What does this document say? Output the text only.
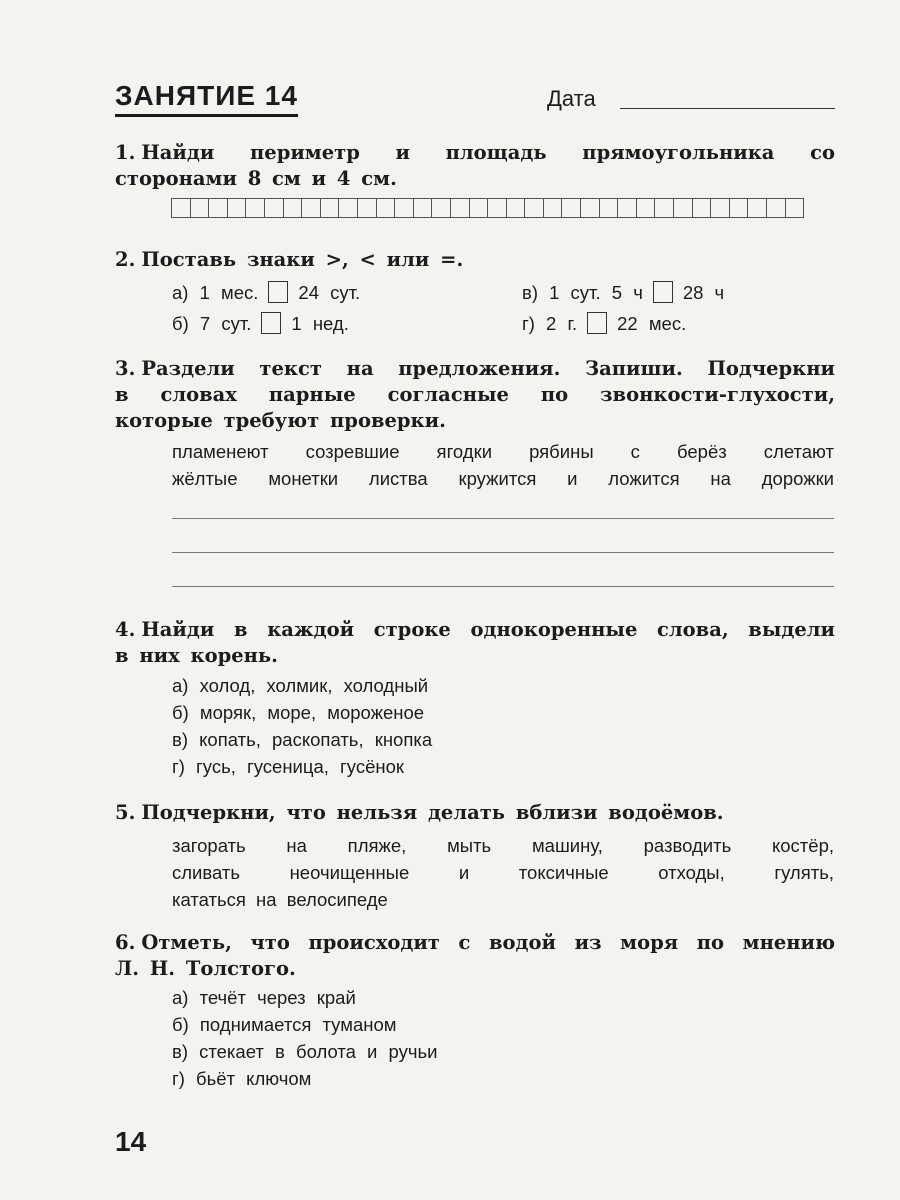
ЗАНЯТИЕ 14	Дата
1. Найди периметр и площадь прямоугольника со
сторонами 8 см и 4 см.
2. Поставь знаки >, < или =.
а) 1 мес. 24 сут.
б) 7 сут. 1 нед.
в) 1 сут. 5 ч 28 ч
г) 2 г. 22 мес.
3. Раздели текст на предложения. Запиши. Подчеркни
в словах парные согласные по звонкости-глухости,
которые требуют проверки.
пламенеют созревшие ягодки рябины с берёз слетают
жёлтые монетки листва кружится и ложится на дорожки
4. Найди в каждой строке однокоренные слова, выдели
в них корень.
а) холод, холмик, холодный
б) моряк, море, мороженое
в) копать, раскопать, кнопка
г) гусь, гусеница, гусёнок
5. Подчеркни, что нельзя делать вблизи водоёмов.
загорать на пляже, мыть машину, разводить костёр,
сливать неочищенные и токсичные отходы, гулять,
кататься на велосипеде
6. Отметь, что происходит с водой из моря по мнению
Л. Н. Толстого.
а) течёт через край
б) поднимается туманом
в) стекает в болота и ручьи
г) бьёт ключом
14
